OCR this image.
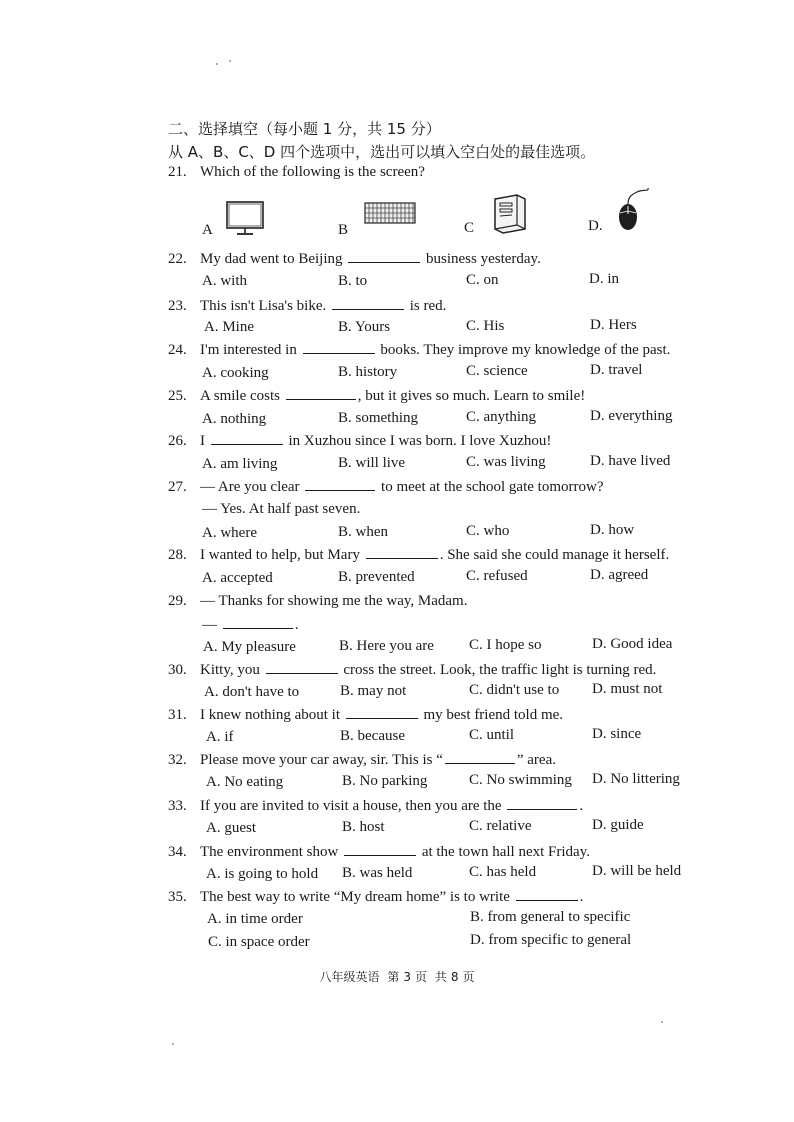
二、选择填空（每小题 1 分，共 15 分）
从 A、B、C、D 四个选项中，选出可以填入空白处的最佳选项。
21. Which of the following is the screen?
A	B	C	D.
22. My dad went to Beijing	business yesterday.
A. with	B. to	C. on	D. in
23. This isn't Lisa's bike.	is red.
A. Mine	B. Yours	C. His	D. Hers
24. I'm interested in	books. They improve my knowledge of the past.
A. cooking	B. history	C. science	D. travel
25. A smile costs	, but it gives so much. Learn to smile!
A. nothing	B. something	C. anything	D. everything
26. I	in Xuzhou since I was born. I love Xuzhou!
A. am living	B. will live	C. was living	D. have lived
27. — Are you clear	to meet at the school gate tomorrow?
— Yes. At half past seven.
A. where	B. when	C. who	D. how
28. I wanted to help, but Mary	. She said she could manage it herself.
A. accepted	B. prevented	C. refused	D. agreed
29. — Thanks for showing me the way, Madam.
—	.
A. My pleasure	B. Here you are C. I hope so	D. Good idea
30. Kitty, you	cross the street. Look, the traffic light is turning red.
A. don't have to	B. may not	C. didn't use to D. must not
31. I knew nothing about it	my best friend told me.
A. if	B. because	C. until	D. since
32. Please move your car away, sir. This is “	” area.
A. No eating	B. No parking	C. No swimming D. No littering
33. If you are invited to visit a house, then you are the	.
A. guest	B. host	C. relative	D. guide
34. The environment show	at the town hall next Friday.
A. is going to hold B. was held	C. has held	D. will be held
35. The best way to write “My dream home” is to write	.
A. in time order	B. from general to specific
C. in space order	D. from specific to general
八年级英语 第 3 页 共 8 页
